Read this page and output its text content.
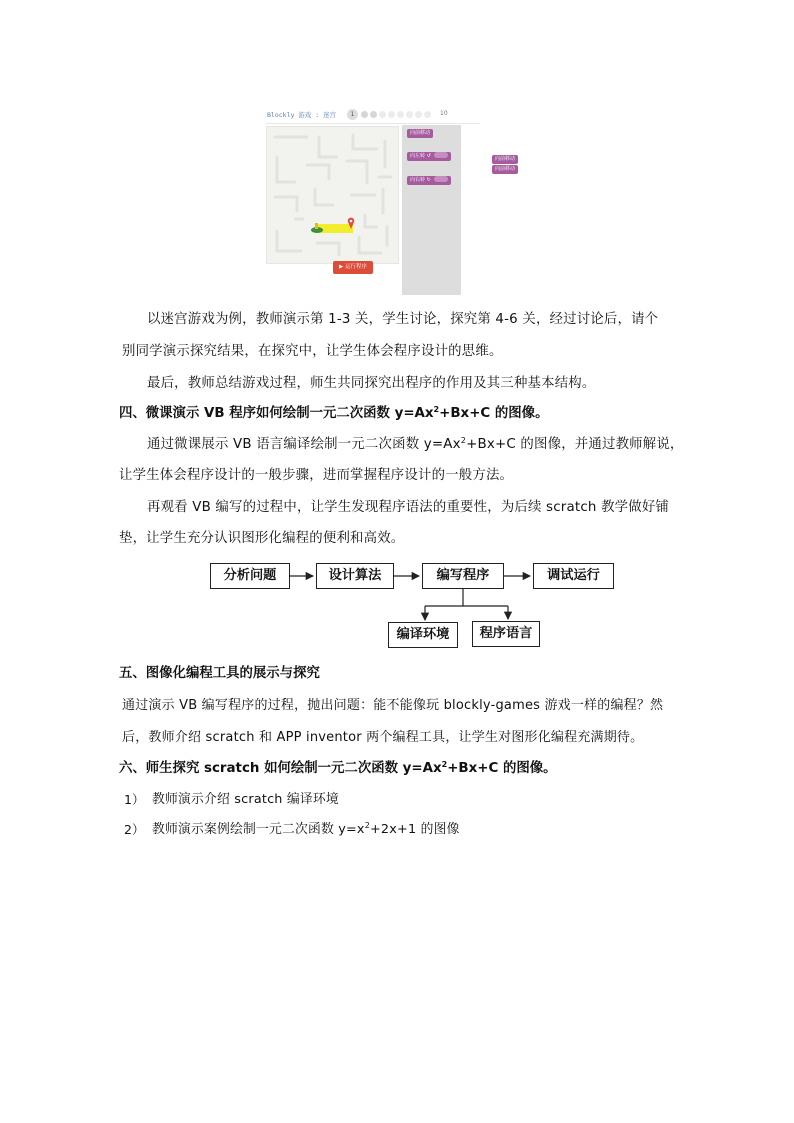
Blockly 游戏 : 迷宫	1	10
▶ 运行程序
向前移动
向左转 ↺
向右转 ↻
向前移动
向前移动
以迷宫游戏为例，教师演示第 1-3 关，学生讨论，探究第 4-6 关，经过讨论后，请个
别同学演示探究结果，在探究中，让学生体会程序设计的思维。
最后，教师总结游戏过程，师生共同探究出程序的作用及其三种基本结构。
四、微课演示 VB 程序如何绘制一元二次函数 $y=Ax^2+Bx+C$ 的图像。
通过微课展示 VB 语言编译绘制一元二次函数 $y=Ax^2+Bx+C$ 的图像，并通过教师解说，
让学生体会程序设计的一般步骤，进而掌握程序设计的一般方法。
再观看 VB 编写的过程中，让学生发现程序语法的重要性，为后续 scratch 教学做好铺
垫，让学生充分认识图形化编程的便利和高效。
分析问题	设计算法	编写程序	调试运行
编译环境	程序语言
五、图像化编程工具的展示与探究
通过演示 VB 编写程序的过程，抛出问题：能不能像玩 blockly-games 游戏一样的编程？然
后，教师介绍 scratch 和 APP inventor 两个编程工具，让学生对图形化编程充满期待。
六、师生探究 scratch 如何绘制一元二次函数 $y=Ax^2+Bx+C$ 的图像。
1） 教师演示介绍 scratch 编译环境
2） 教师演示案例绘制一元二次函数 $y=x^2+2x+1$ 的图像
